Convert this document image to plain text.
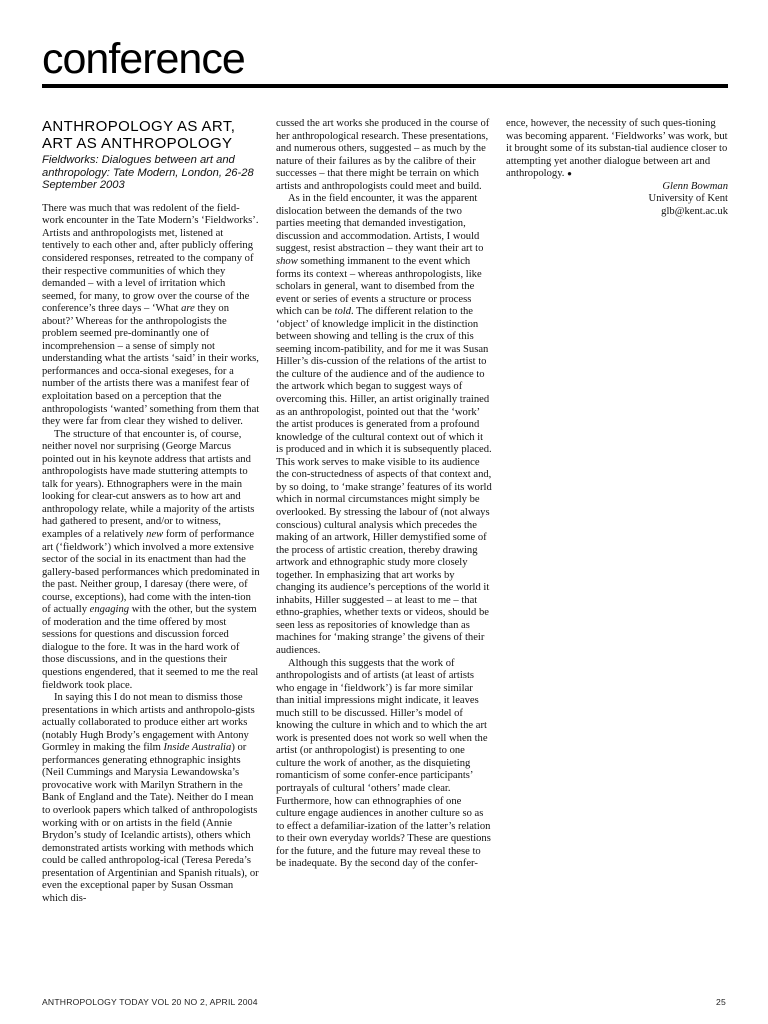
conference
ANTHROPOLOGY AS ART,
ART AS ANTHROPOLOGY
Fieldworks: Dialogues between art and anthropology: Tate Modern, London, 26-28 September 2003

There was much that was redolent of the field-work encounter in the Tate Modern’s ‘Fieldworks’. Artists and anthropologists met, listened at tentively to each other and, after publicly offering considered responses, retreated to the company of their respective communities of which they demanded – with a level of irritation which seemed, for many, to grow over the course of the conference’s three days – ‘What are they on about?’ Whereas for the anthropologists the problem seemed pre-dominantly one of incomprehension – a sense of simply not understanding what the artists ‘said’ in their works, performances and occa-sional exegeses, for a number of the artists there was a manifest fear of exploitation based on a perception that the anthropologists ‘wanted’ something from them that they were far from clear they wished to deliver.

The structure of that encounter is, of course, neither novel nor surprising (George Marcus pointed out in his keynote address that artists and anthropologists have made stuttering attempts to talk for years). Ethnographers were in the main looking for clear-cut answers as to how art and anthropology relate, while a majority of the artists had gathered to present, and/or to witness, examples of a relatively new form of performance art (‘fieldwork’) which involved a more extensive sector of the social in its enactment than had the gallery-based performances which predominated in the past. Neither group, I daresay (there were, of course, exceptions), had come with the inten-tion of actually engaging with the other, but the system of moderation and the time offered by most sessions for questions and discussion forced dialogue to the fore. It was in the hard work of those discussions, and in the questions their questions engendered, that it seemed to me the real fieldwork took place.

In saying this I do not mean to dismiss those presentations in which artists and anthropolo-gists actually collaborated to produce either art works (notably Hugh Brody’s engagement with Antony Gormley in making the film Inside Australia) or performances generating ethnographic insights (Neil Cummings and Marysia Lewandowska’s provocative work with Marilyn Strathern in the Bank of England and the Tate). Neither do I mean to overlook papers which talked of anthropologists working with or on artists in the field (Annie Brydon’s study of Icelandic artists), others which demonstrated artists working with methods which could be called anthropolog-ical (Teresa Pereda’s presentation of Argentinian and Spanish rituals), or even the exceptional paper by Susan Ossman which dis-

cussed the art works she produced in the course of her anthropological research. These presentations, and numerous others, suggested – as much by the nature of their failures as by the calibre of their successes – that there might be terrain on which artists and anthropologists could meet and build.

As in the field encounter, it was the apparent dislocation between the demands of the two parties meeting that demanded investigation, discussion and accommodation. Artists, I would suggest, resist abstraction – they want their art to show something immanent to the event which forms its context – whereas anthropologists, like scholars in general, want to disembed from the event or series of events a structure or process which can be told. The different relation to the ‘object’ of knowledge implicit in the distinction between showing and telling is the crux of this seeming incom-patibility, and for me it was Susan Hiller’s dis-cussion of the relations of the artist to the culture of the audience and of the audience to the artwork which began to suggest ways of overcoming this. Hiller, an artist originally trained as an anthropologist, pointed out that the ‘work’ the artist produces is generated from a profound knowledge of the cultural context out of which it is produced and in which it is subsequently placed. This work serves to make visible to its audience the con-structedness of aspects of that context and, by so doing, to ‘make strange’ features of its world which in normal circumstances might simply be overlooked. By stressing the labour of (not always conscious) cultural analysis which precedes the making of an artwork, Hiller demystified some of the process of artistic creation, thereby drawing artwork and ethnographic study more closely together. In emphasizing that art works by changing its audience’s perceptions of the world it inhabits, Hiller suggested – at least to me – that ethno-graphies, whether texts or videos, should be seen less as repositories of knowledge than as machines for ‘making strange’ the givens of their audiences.

Although this suggests that the work of anthropologists and of artists (at least of artists who engage in ‘fieldwork’) is far more similar than initial impressions might indicate, it leaves much still to be discussed. Hiller’s model of knowing the culture in which and to which the art work is presented does not work so well when the artist (or anthropologist) is presenting to one culture the work of another, as the disquieting romanticism of some confer-ence participants’ portrayals of cultural ‘others’ made clear. Furthermore, how can ethnographies of one culture engage audiences in another culture so as to effect a defamiliar-ization of the latter’s relation to their own everyday worlds? These are questions for the future, and the future may reveal these to be inadequate. By the second day of the confer-

ence, however, the necessity of such ques-tioning was becoming apparent. ‘Fieldworks’ was work, but it brought some of its substan-tial audience closer to attempting yet another dialogue between art and anthropology. ●

Glenn Bowman
University of Kent
glb@kent.ac.uk
ANTHROPOLOGY TODAY VOL 20 NO 2, APRIL 2004	25
